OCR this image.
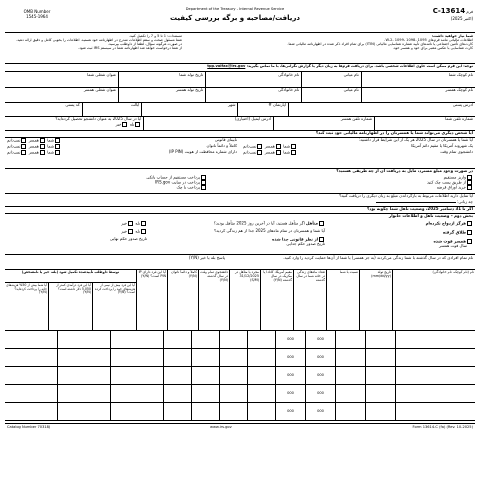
OMB Number
1545-1964
Department of the Treasury - Internal Revenue Service
دریافت/مصاحبه و برگه بررسی کیفیت
فرم 13614-C
(اکتبر 2025)
مستندات: 1 تا 5 و 7 را تکمیل کنید.
شما مسئول صحت و سقم اطلاعات مندرج در اظهارنامه خود هستید. اطلاعات را بخوبی کامل و دقیق ارائه دهید.
در صورت هرگونه سؤال، لطفاً از داوطلب بپرسید.
از شما درخواست خواهد شد اظهارنامه شما در سیستم IRS ثبت شود.
شما نیاز خواهید داشت:
اطلاعات مالیاتی مانند فرم‌های W-2، 1099، 1098، 1095.
کارت‌های تأمین اجتماعی یا نامه‌های تأیید شماره شناسایی مالیاتی (ITIN) برای تمام افراد ذکر شده در اظهارنامه مالیاتی شما.
کارت شناسایی با عکس معتبر برای خود و همسر خود.
توجه: این فرم ممکن است حاوی اطلاعات شخصی باشد. برای دریافت فرم‌ها به زبان دیگر یا گزارش نگرانی‌ها، با ما تماس بگیرید: tpp.volfax@irs.gov
نام کوچک شما
نام میانی
نام خانوادگی
تاریخ تولد شما
عنوان شغلی شما
نام کوچک همسر
نام میانی
نام خانوادگی
تاریخ تولد همسر
عنوان شغلی همسر
آدرس پستی
آپارتمان #
شهر
ایالت
کد پستی
شماره تلفن شما
شماره تلفن همسر
آدرس ایمیل (اختیاری)
آیا در سال 2025 به عنوان دانشجو تحصیل کرده‌اید؟
بله خیر
آیا شخص دیگری می‌تواند شما یا همسرتان را در اظهارنامه مالیاتی خود ثبت کند؟
آیا شما یا همسرتان در سال 2025 هر یک از این شرایط قرار داشتید:
یک شهروند آمریکا یا مقیم دائم آمریکا
شما همسر نمی‌دانم
دانشجوی تمام وقت
شما همسر نمی‌دانم
نابینای قانونی
شما همسر نمی‌دانم
کاملاً و دائماً ناتوان
شما همسر نمی‌دانم
دارای شماره محافظت از هویت (IP PIN)
شما همسر نمی‌دانم
در صورت وجود مبلغ مسترد، مایل به دریافت آن از چه طریقی هستید؟
واریز مستقیم
از طریق پست چک کنید
خرید اوراق قرضه
پرداخت مستقیم از حساب بانکی
پرداخت در سایت IRS.gov
پرداخت با چک
آیا تمایل دارید اطلاعات مربوط به بازگرداندن مبلغ به زبان دیگری را دریافت کنید؟
چه زبانی:
اگر تا 31 دسامبر 2025، وضعیت تأهل شما چگونه بود؟
بخش دوم – وضعیت تأهل و اطلاعات خانوار
هرگز ازدواج نکرده‌ام
طلاق گرفته
همسر فوت شده
سال فوت همسر
متأهل اگر متأهل هستید، آیا در آخرین روز 2025 متأهل بودید؟
آیا شما و همسرتان در تمام ماه‌های 2025 جدا از هم زندگی کردید؟
از نظر قانونی جدا شده
تاریخ صدور حکم جدایی
بله خیر
بله خیر
تاریخ صدور حکم نهایی
نام تمام افرادی که در سال گذشته با شما زندگی می‌کردند (به جز همسر) یا شما از آن‌ها حمایت کردید را وارد کنید.
پاسخ بله یا خیر (Y/N)
نام (نام کوچک، نام خانوادگی)
تاریخ تولد (mm/dd/yy)
نسبت با شما
تعداد ماه‌های زندگی در خانه شما در سال گذشته
مقیم آمریکا، کانادا یا مکزیک در سال گذشته (Y/N)
مجرد یا متأهل در 31/12/2025 (S/M)
دانشجوی تمام وقت در سال گذشته (Y/N)
کاملاً و دائماً ناتوان (Y/N)
آیا این فرد دارای IP PIN است؟ (Y/N)
توسط داوطلب تأییدشده تکمیل شود (بله، خیر یا نامشخص)
آیا این فرد بیش از نیمی از هزینه‌های خود را پرداخت کرده است؟ (Y/N)
آیا این فرد درآمدی کمتر از 5,050 دلار داشته است؟ (Y/N)
آیا شما بیش از 50% هزینه‌های خانه را پرداخت کرده‌اید؟ (Y/N)
000
000
000
000
000
000
000
000
000
000
Catalog Number 70318J	www.irs.gov	Form 13614-C (fa) (Rev. 10-2025)
